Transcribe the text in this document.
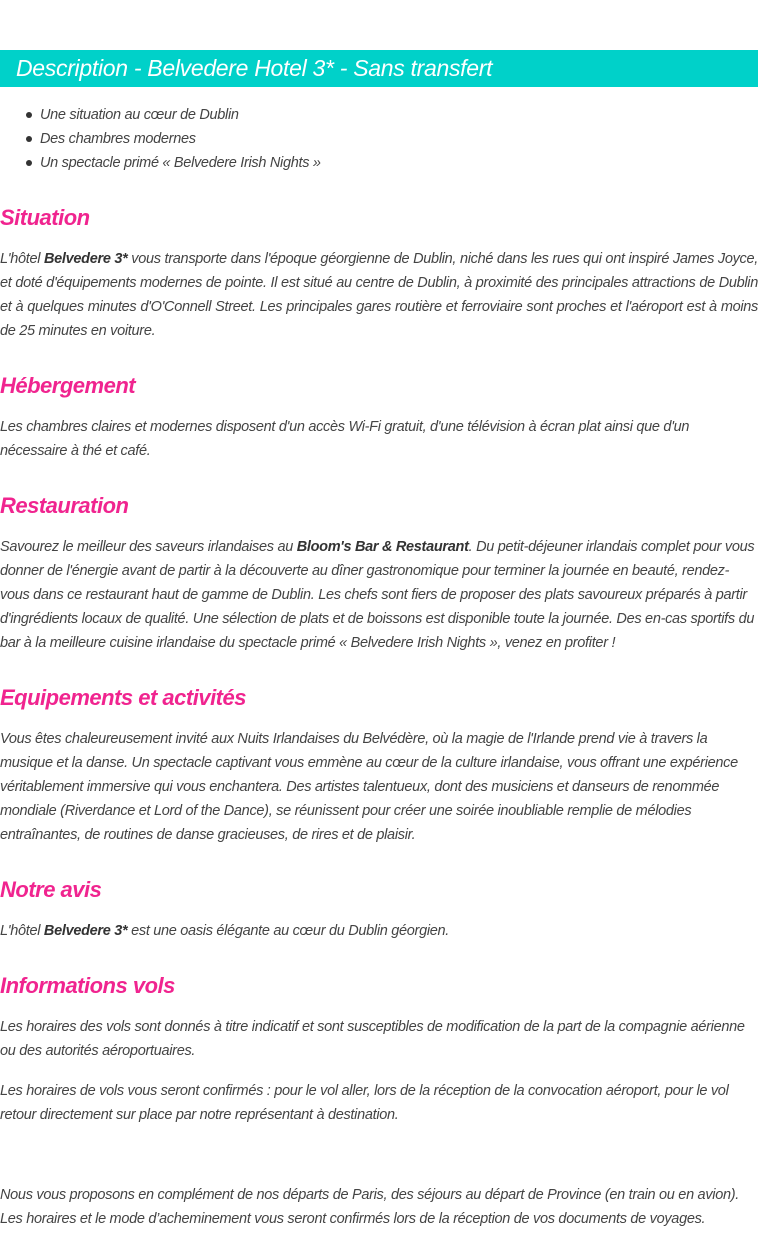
Description - Belvedere Hotel 3* - Sans transfert
Une situation au cœur de Dublin
Des chambres modernes
Un spectacle primé « Belvedere Irish Nights »
Situation

L'hôtel Belvedere 3* vous transporte dans l'époque géorgienne de Dublin, niché dans les rues qui ont inspiré James Joyce, et doté d'équipements modernes de pointe. Il est situé au centre de Dublin, à proximité des principales attractions de Dublin et à quelques minutes d'O'Connell Street. Les principales gares routière et ferroviaire sont proches et l'aéroport est à moins de 25 minutes en voiture.

Hébergement

Les chambres claires et modernes disposent d'un accès Wi-Fi gratuit, d'une télévision à écran plat ainsi que d'un nécessaire à thé et café.

Restauration

Savourez le meilleur des saveurs irlandaises au Bloom's Bar & Restaurant. Du petit-déjeuner irlandais complet pour vous donner de l'énergie avant de partir à la découverte au dîner gastronomique pour terminer la journée en beauté, rendez-vous dans ce restaurant haut de gamme de Dublin. Les chefs sont fiers de proposer des plats savoureux préparés à partir d'ingrédients locaux de qualité. Une sélection de plats et de boissons est disponible toute la journée. Des en-cas sportifs du bar à la meilleure cuisine irlandaise du spectacle primé « Belvedere Irish Nights », venez en profiter !

Equipements et activités

Vous êtes chaleureusement invité aux Nuits Irlandaises du Belvédère, où la magie de l'Irlande prend vie à travers la musique et la danse. Un spectacle captivant vous emmène au cœur de la culture irlandaise, vous offrant une expérience véritablement immersive qui vous enchantera. Des artistes talentueux, dont des musiciens et danseurs de renommée mondiale (Riverdance et Lord of the Dance), se réunissent pour créer une soirée inoubliable remplie de mélodies entraînantes, de routines de danse gracieuses, de rires et de plaisir.

Notre avis

L'hôtel Belvedere 3* est une oasis élégante au cœur du Dublin géorgien.

Informations vols

Les horaires des vols sont donnés à titre indicatif et sont susceptibles de modification de la part de la compagnie aérienne ou des autorités aéroportuaires.

Les horaires de vols vous seront confirmés : pour le vol aller, lors de la réception de la convocation aéroport, pour le vol retour directement sur place par notre représentant à destination.

Nous vous proposons en complément de nos départs de Paris, des séjours au départ de Province (en train ou en avion).

Les horaires et le mode d’acheminement vous seront confirmés lors de la réception de vos documents de voyages.
